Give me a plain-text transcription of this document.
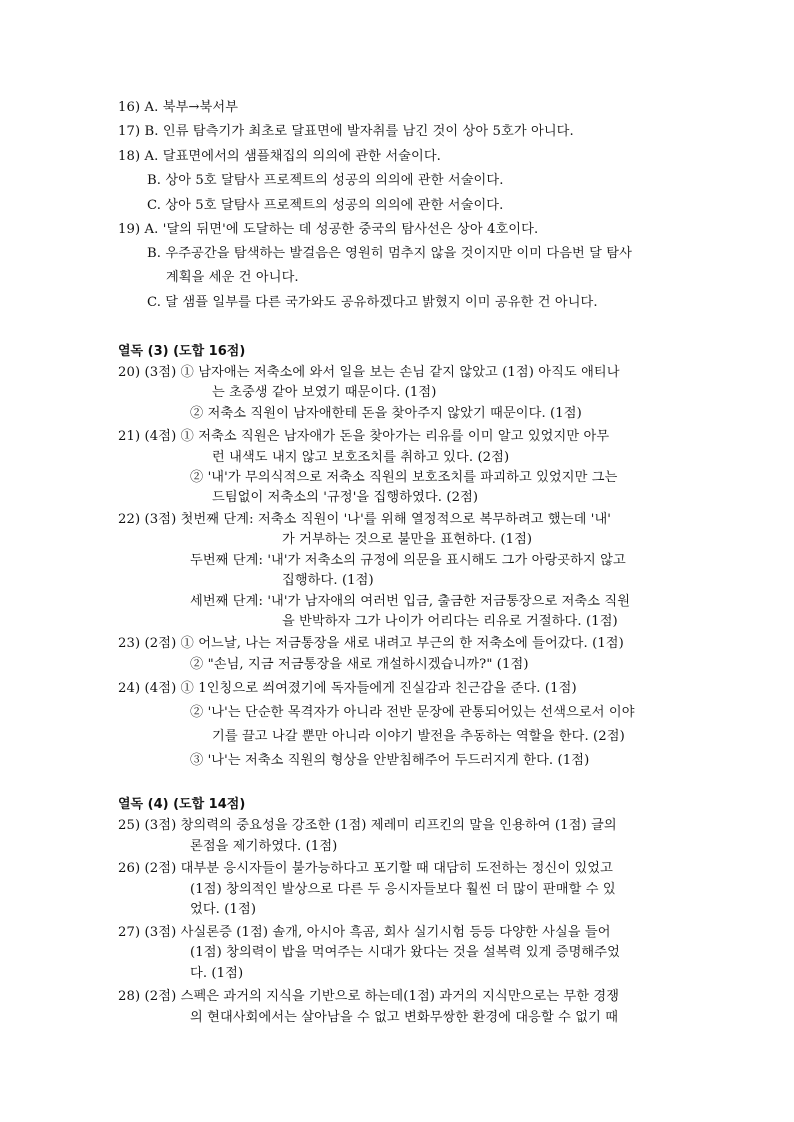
16) A. 북부→북서부
17) B. 인류 탐측기가 최초로 달표면에 발자취를 남긴 것이 상아 5호가 아니다.
18) A. 달표면에서의 샘플채집의 의의에 관한 서술이다.
B. 상아 5호 달탐사 프로젝트의 성공의 의의에 관한 서술이다.
C. 상아 5호 달탐사 프로젝트의 성공의 의의에 관한 서술이다.
19) A. '달의 뒤면'에 도달하는 데 성공한 중국의 탐사선은 상아 4호이다.
B. 우주공간을 탐색하는 발걸음은 영원히 멈추지 않을 것이지만 이미 다음번 달 탐사
계획을 세운 건 아니다.
C. 달 샘플 일부를 다른 국가와도 공유하겠다고 밝혔지 이미 공유한 건 아니다.
열독 (3) (도합 16점)
20) (3점) ① 남자애는 저축소에 와서 일을 보는 손님 같지 않았고 (1점) 아직도 애티나
는 초중생 같아 보였기 때문이다. (1점)
② 저축소 직원이 남자애한테 돈을 찾아주지 않았기 때문이다. (1점)
21) (4점) ① 저축소 직원은 남자애가 돈을 찾아가는 리유를 이미 알고 있었지만 아무
런 내색도 내지 않고 보호조치를 취하고 있다. (2점)
② '내'가 무의식적으로 저축소 직원의 보호조치를 파괴하고 있었지만 그는
드팀없이 저축소의 '규정'을 집행하였다. (2점)
22) (3점) 첫번째 단계: 저축소 직원이 '나'를 위해 열정적으로 복무하려고 했는데 '내'
가 거부하는 것으로 불만을 표현하다. (1점)
두번째 단계: '내'가 저축소의 규정에 의문을 표시해도 그가 아랑곳하지 않고
집행하다. (1점)
세번째 단계: '내'가 남자애의 여러번 입금, 출금한 저금통장으로 저축소 직원
을 반박하자 그가 나이가 어리다는 리유로 거절하다. (1점)
23) (2점) ① 어느날, 나는 저금통장을 새로 내려고 부근의 한 저축소에 들어갔다. (1점)
② "손님, 지금 저금통장을 새로 개설하시겠습니까?" (1점)
24) (4점) ① 1인칭으로 씌여졌기에 독자들에게 진실감과 친근감을 준다. (1점)
② '나'는 단순한 목격자가 아니라 전반 문장에 관통되어있는 선색으로서 이야
기를 끌고 나갈 뿐만 아니라 이야기 발전을 추동하는 역할을 한다. (2점)
③ '나'는 저축소 직원의 형상을 안받침해주어 두드러지게 한다. (1점)
열독 (4) (도합 14점)
25) (3점) 창의력의 중요성을 강조한 (1점) 제레미 리프킨의 말을 인용하여 (1점) 글의
론점을 제기하였다. (1점)
26) (2점) 대부분 응시자들이 불가능하다고 포기할 때 대담히 도전하는 정신이 있었고
(1점) 창의적인 발상으로 다른 두 응시자들보다 훨씬 더 많이 판매할 수 있
었다. (1점)
27) (3점) 사실론증 (1점) 솔개, 아시아 흑곰, 회사 실기시험 등등 다양한 사실을 들어
(1점) 창의력이 밥을 먹여주는 시대가 왔다는 것을 설복력 있게 증명해주었
다. (1점)
28) (2점) 스펙은 과거의 지식을 기반으로 하는데(1점) 과거의 지식만으로는 무한 경쟁
의 현대사회에서는 살아남을 수 없고 변화무쌍한 환경에 대응할 수 없기 때
